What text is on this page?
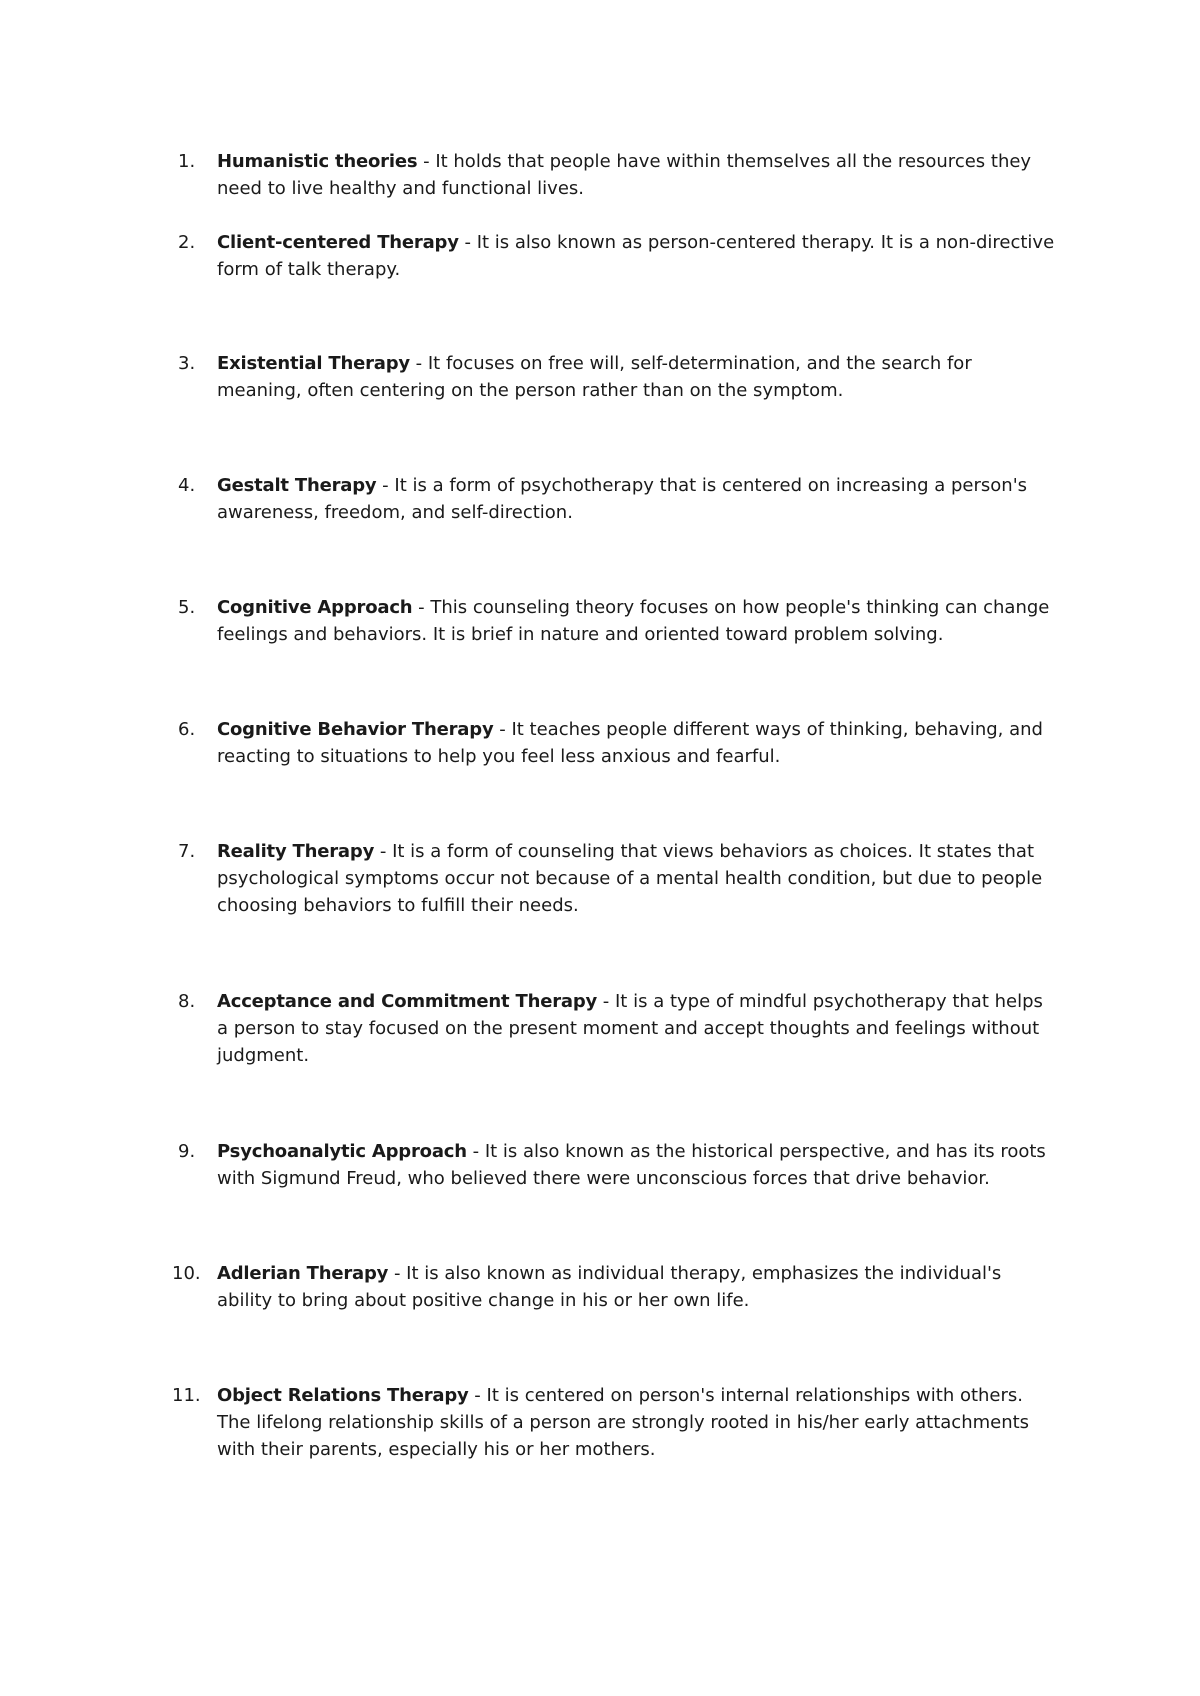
1. Humanistic theories - It holds that people have within themselves all the resources they need to live healthy and functional lives.
2. Client-centered Therapy - It is also known as person-centered therapy. It is a non-directive form of talk therapy.
3. Existential Therapy - It focuses on free will, self-determination, and the search for meaning, often centering on the person rather than on the symptom.
4. Gestalt Therapy - It is a form of psychotherapy that is centered on increasing a person's awareness, freedom, and self-direction.
5. Cognitive Approach - This counseling theory focuses on how people's thinking can change feelings and behaviors. It is brief in nature and oriented toward problem solving.
6. Cognitive Behavior Therapy - It teaches people different ways of thinking, behaving, and reacting to situations to help you feel less anxious and fearful.
7. Reality Therapy - It is a form of counseling that views behaviors as choices. It states that psychological symptoms occur not because of a mental health condition, but due to people choosing behaviors to fulfill their needs.
8. Acceptance and Commitment Therapy - It is a type of mindful psychotherapy that helps a person to stay focused on the present moment and accept thoughts and feelings without judgment.
9. Psychoanalytic Approach - It is also known as the historical perspective, and has its roots with Sigmund Freud, who believed there were unconscious forces that drive behavior.
10. Adlerian Therapy - It is also known as individual therapy, emphasizes the individual's ability to bring about positive change in his or her own life.
11. Object Relations Therapy - It is centered on person's internal relationships with others. The lifelong relationship skills of a person are strongly rooted in his/her early attachments with their parents, especially his or her mothers.
